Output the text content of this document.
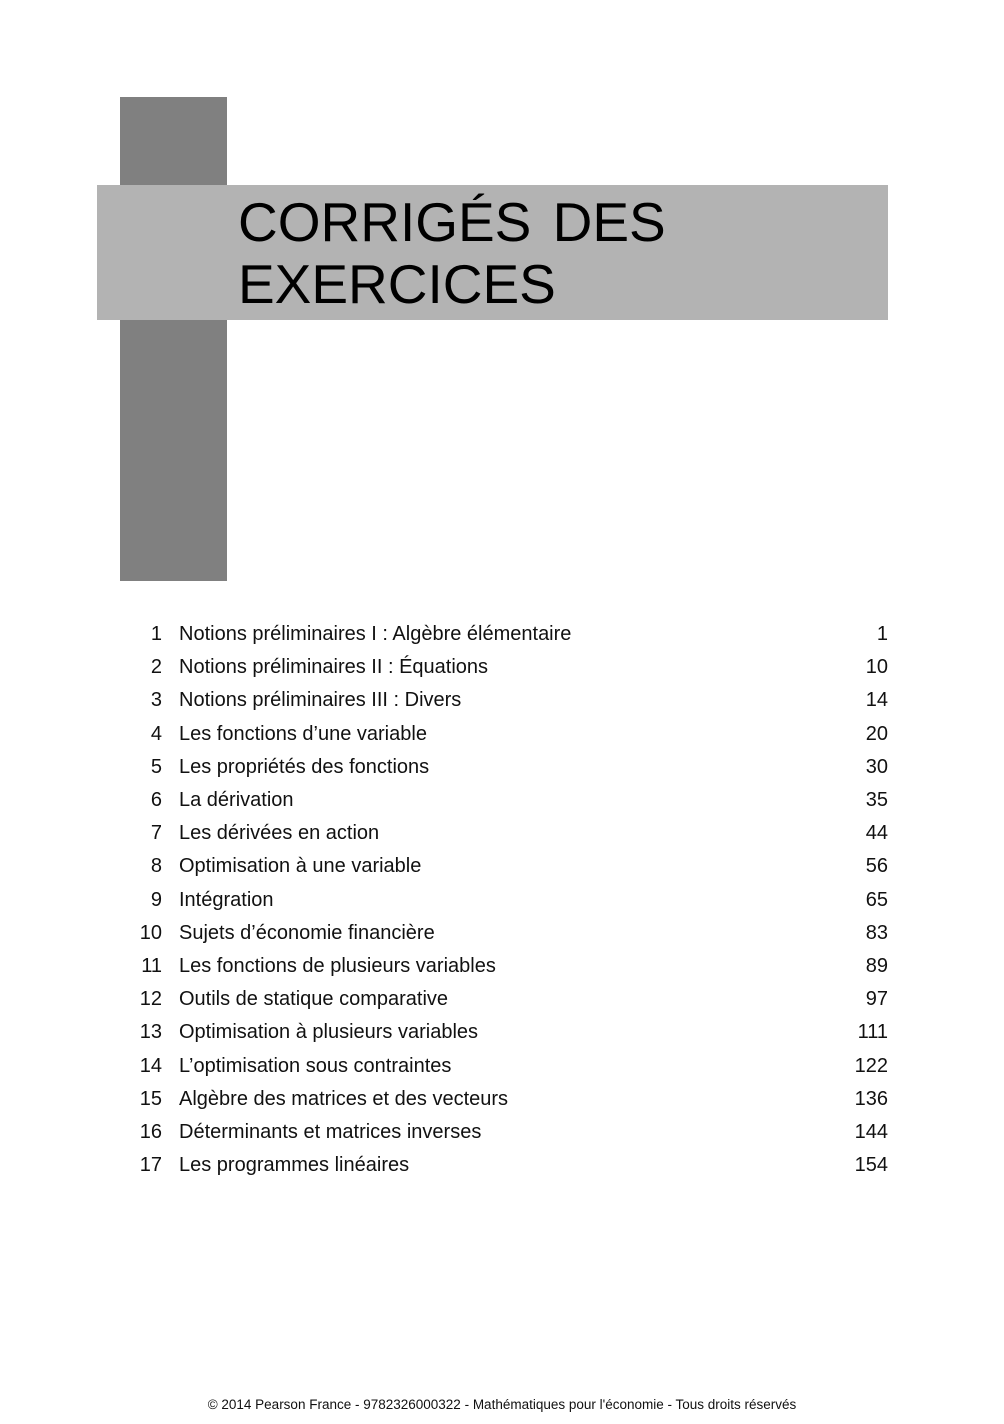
CORRIGÉS DES
EXERCICES
1 Notions préliminaires I : Algèbre élémentaire	1
2 Notions préliminaires II : Équations	10
3 Notions préliminaires III : Divers	14
4 Les fonctions d’une variable	20
5 Les propriétés des fonctions	30
6 La dérivation	35
7 Les dérivées en action	44
8 Optimisation à une variable	56
9 Intégration	65
10 Sujets d’économie financière	83
11 Les fonctions de plusieurs variables	89
12 Outils de statique comparative	97
13 Optimisation à plusieurs variables	111
14 L’optimisation sous contraintes	122
15 Algèbre des matrices et des vecteurs	136
16 Déterminants et matrices inverses	144
17 Les programmes linéaires	154
© 2014 Pearson France - 9782326000322 - Mathématiques pour l'économie - Tous droits réservés
